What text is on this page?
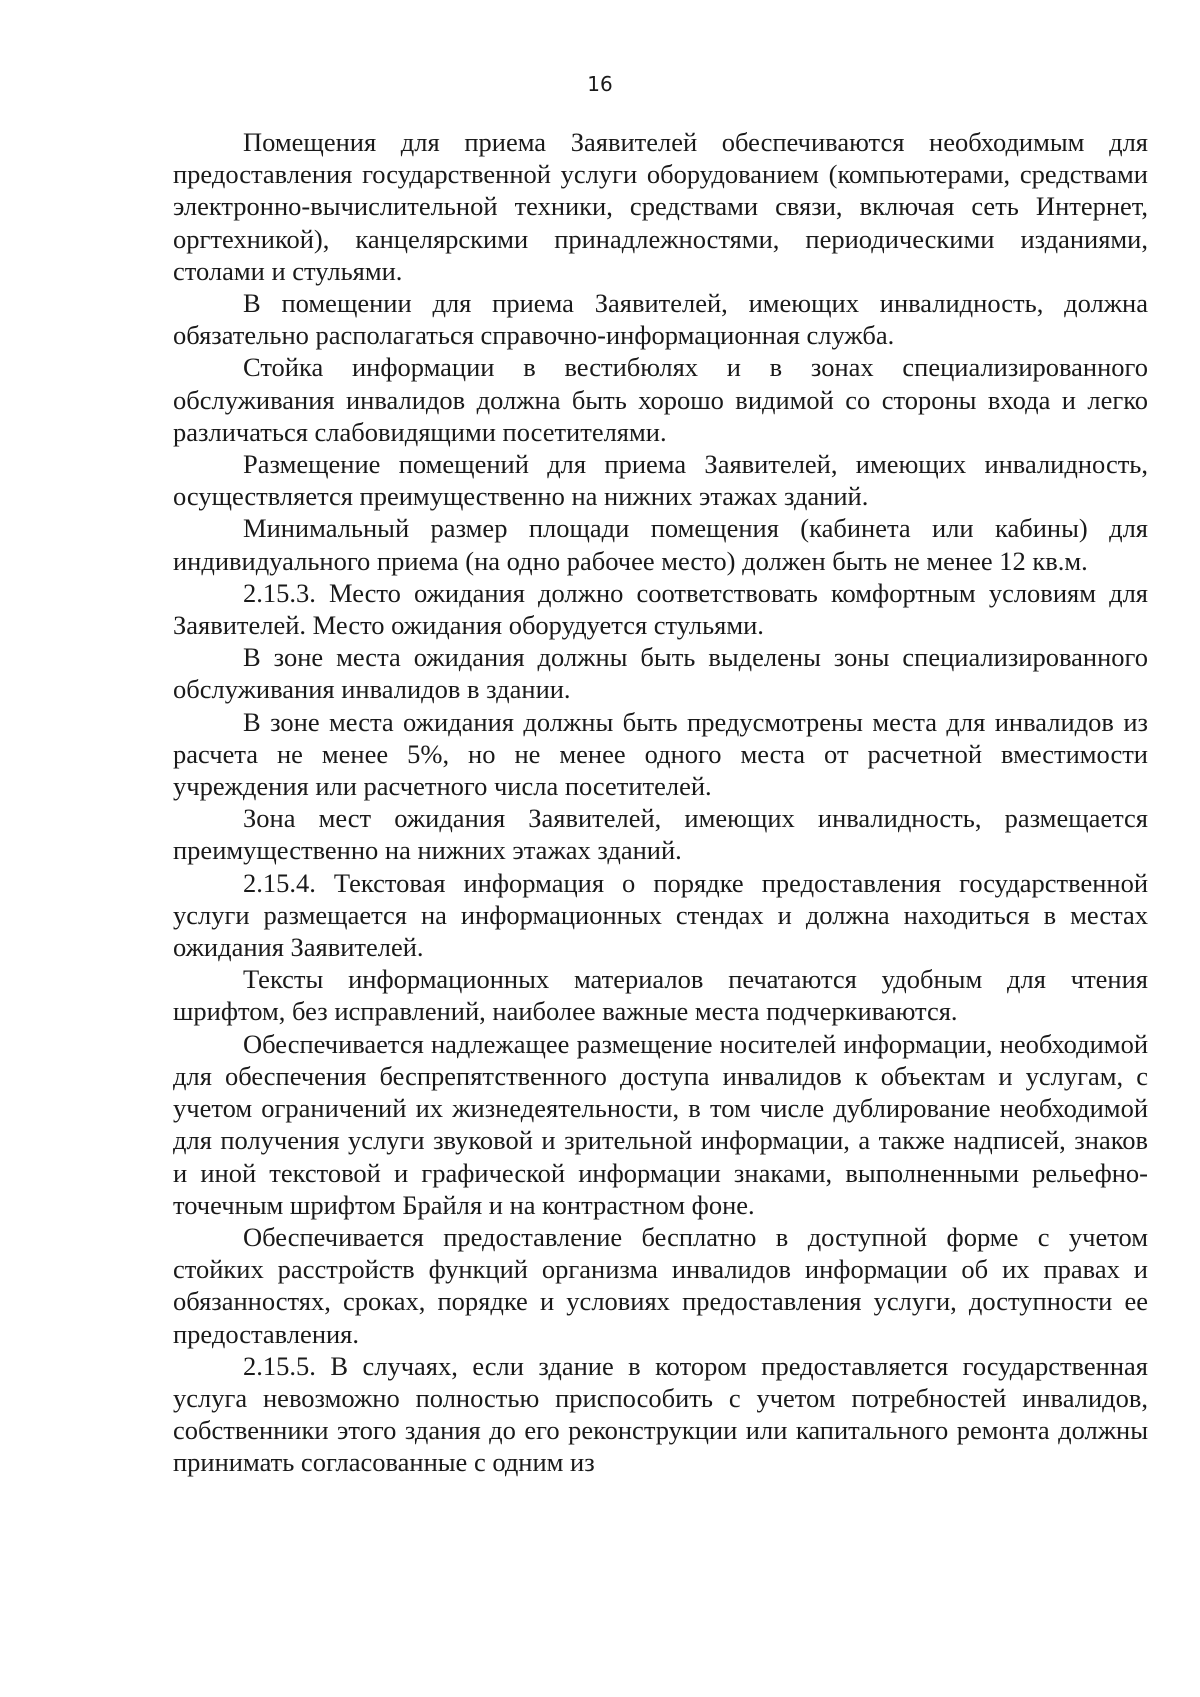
16

Помещения для приема Заявителей обеспечиваются необходимым для предоставления государственной услуги оборудованием (компьютерами, средствами электронно-вычислительной техники, средствами связи, включая сеть Интернет, оргтехникой), канцелярскими принадлежностями, периодическими изданиями, столами и стульями.

В помещении для приема Заявителей, имеющих инвалидность, должна обязательно располагаться справочно-информационная служба.

Стойка информации в вестибюлях и в зонах специализированного обслуживания инвалидов должна быть хорошо видимой со стороны входа и легко различаться слабовидящими посетителями.

Размещение помещений для приема Заявителей, имеющих инвалидность, осуществляется преимущественно на нижних этажах зданий.

Минимальный размер площади помещения (кабинета или кабины) для индивидуального приема (на одно рабочее место) должен быть не менее 12 кв.м.

2.15.3. Место ожидания должно соответствовать комфортным условиям для Заявителей. Место ожидания оборудуется стульями.

В зоне места ожидания должны быть выделены зоны специализированного обслуживания инвалидов в здании.

В зоне места ожидания должны быть предусмотрены места для инвалидов из расчета не менее 5%, но не менее одного места от расчетной вместимости учреждения или расчетного числа посетителей.

Зона мест ожидания Заявителей, имеющих инвалидность, размещается преимущественно на нижних этажах зданий.

2.15.4. Текстовая информация о порядке предоставления государственной услуги размещается на информационных стендах и должна находиться в местах ожидания Заявителей.

Тексты информационных материалов печатаются удобным для чтения шрифтом, без исправлений, наиболее важные места подчеркиваются.

Обеспечивается надлежащее размещение носителей информации, необходимой для обеспечения беспрепятственного доступа инвалидов к объектам и услугам, с учетом ограничений их жизнедеятельности, в том числе дублирование необходимой для получения услуги звуковой и зрительной информации, а также надписей, знаков и иной текстовой и графической информации знаками, выполненными рельефно-точечным шрифтом Брайля и на контрастном фоне.

Обеспечивается предоставление бесплатно в доступной форме с учетом стойких расстройств функций организма инвалидов информации об их правах и обязанностях, сроках, порядке и условиях предоставления услуги, доступности ее предоставления.

2.15.5. В случаях, если здание в котором предоставляется государственная услуга невозможно полностью приспособить с учетом потребностей инвалидов, собственники этого здания до его реконструкции или капитального ремонта должны принимать согласованные с одним из
